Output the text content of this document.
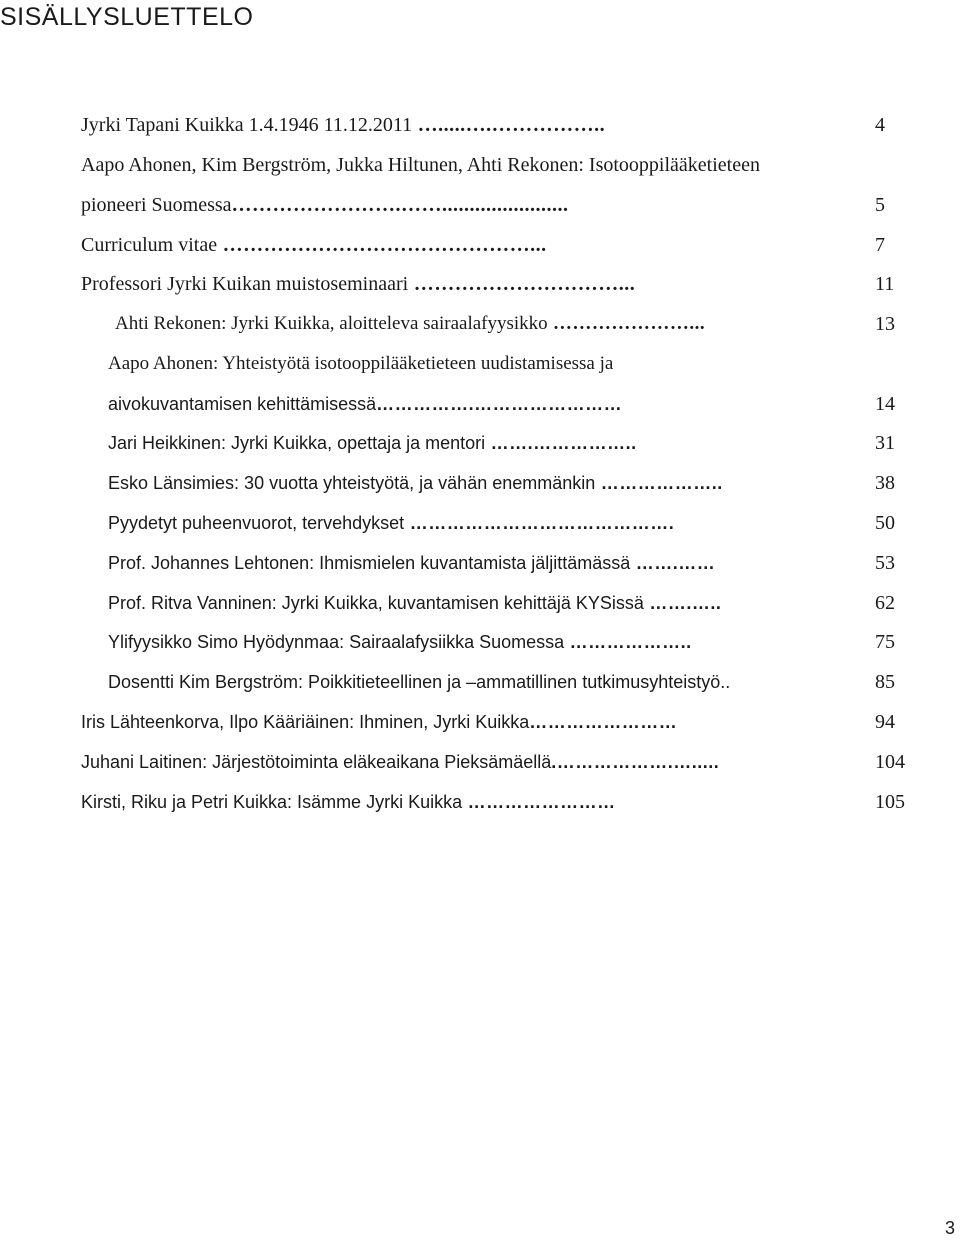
SISÄLLYSLUETTELO
Jyrki Tapani Kuikka 1.4.1946 11.12.2011 ….....….……………..	4
Aapo Ahonen, Kim Bergström, Jukka Hiltunen, Ahti Rekonen: Isotooppilääketieteen
pioneeri Suomessa…………………….…….......................	5
Curriculum vitae ………………………………………...	7
Professori Jyrki Kuikan muistoseminaari …………………………...	11
Ahti Rekonen: Jyrki Kuikka, aloitteleva sairaalafyysikko …………………...	13
Aapo Ahonen: Yhteistyötä isotooppilääketieteen uudistamisessa ja
aivokuvantamisen kehittämisessä…………….……………………	14
Jari Heikkinen: Jyrki Kuikka, opettaja ja mentori …….……………..	31
Esko Länsimies: 30 vuotta yhteistyötä, ja vähän enemmänkin ………………..	38
Pyydetyt puheenvuorot, tervehdykset …………………………………….	50
Prof. Johannes Lehtonen: Ihmismielen kuvantamista jäljittämässä …….……	53
Prof. Ritva Vanninen: Jyrki Kuikka, kuvantamisen kehittäjä KYSissä …….…..	62
Ylifyysikko Simo Hyödynmaa: Sairaalafysiikka Suomessa ………………..	75
Dosentti Kim Bergström: Poikkitieteellinen ja –ammatillinen tutkimusyhteistyö..	85
Iris Lähteenkorva, Ilpo Kääriäinen: Ihminen, Jyrki Kuikka……………………	94
Juhani Laitinen: Järjestötoiminta eläkeaikana Pieksämäellä.……………….….....	104
Kirsti, Riku ja Petri Kuikka: Isämme Jyrki Kuikka ……………………	105
3
